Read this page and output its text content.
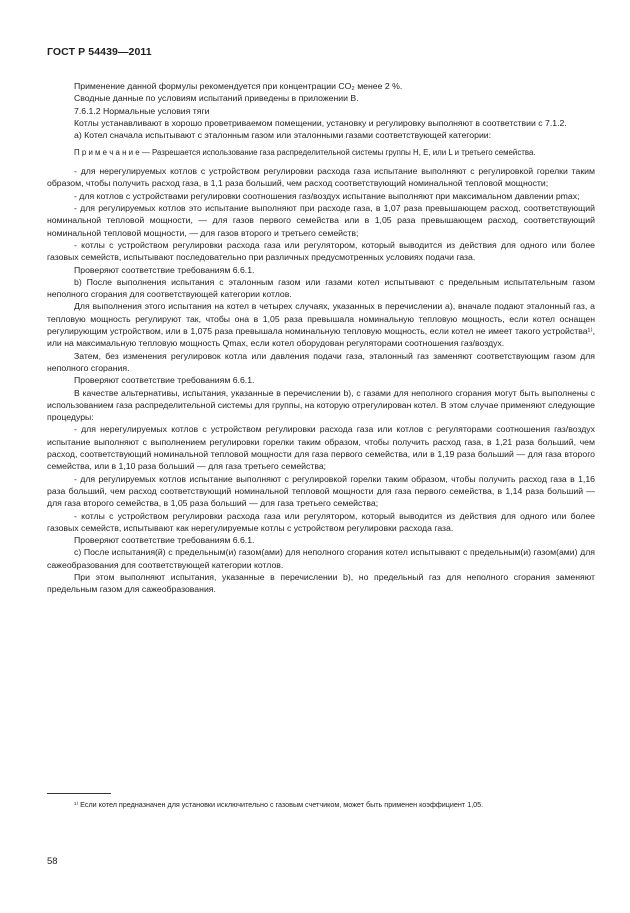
ГОСТ Р 54439—2011

Применение данной формулы рекомендуется при концентрации CO₂ менее 2 %.

Сводные данные по условиям испытаний приведены в приложении B.

7.6.1.2 Нормальные условия тяги

Котлы устанавливают в хорошо проветриваемом помещении, установку и регулировку выполняют в соответствии с 7.1.2.

а) Котел сначала испытывают с эталонным газом или эталонными газами соответствующей категории:

П р и м е ч а н и е — Разрешается использование газа распределительной системы группы H, E, или L и третьего семейства.

- для нерегулируемых котлов с устройством регулировки расхода газа испытание выполняют с регулировкой горелки таким образом, чтобы получить расход газа, в 1,1 раза больший, чем расход соответствующий номинальной тепловой мощности;

- для котлов с устройствами регулировки соотношения газ/воздух испытание выполняют при максимальном давлении pmax;

- для регулируемых котлов это испытание выполняют при расходе газа, в 1,07 раза превышающем расход, соответствующий номинальной тепловой мощности, — для газов первого семейства или в 1,05 раза превышающем расход, соответствующий номинальной тепловой мощности, — для газов второго и третьего семейств;

- котлы с устройством регулировки расхода газа или регулятором, который выводится из действия для одного или более газовых семейств, испытывают последовательно при различных предусмотренных условиях подачи газа.

Проверяют соответствие требованиям 6.6.1.

b) После выполнения испытания с эталонным газом или газами котел испытывают с предельным испытательным газом неполного сгорания для соответствующей категории котлов.

Для выполнения этого испытания на котел в четырех случаях, указанных в перечислении а), вначале подают эталонный газ, а тепловую мощность регулируют так, чтобы она в 1,05 раза превышала номинальную тепловую мощность, если котел оснащен регулирующим устройством, или в 1,075 раза превышала номинальную тепловую мощность, если котел не имеет такого устройства¹⁾, или на максимальную тепловую мощность Qmax, если котел оборудован регуляторами соотношения газ/воздух.

Затем, без изменения регулировок котла или давления подачи газа, эталонный газ заменяют соответствующим газом для неполного сгорания.

Проверяют соответствие требованиям 6.6.1.

В качестве альтернативы, испытания, указанные в перечислении b), с газами для неполного сгорания могут быть выполнены с использованием газа распределительной системы для группы, на которую отрегулирован котел. В этом случае применяют следующие процедуры:

- для нерегулируемых котлов с устройством регулировки расхода газа или котлов с регуляторами соотношения газ/воздух испытание выполняют с выполнением регулировки горелки таким образом, чтобы получить расход газа, в 1,21 раза больший, чем расход, соответствующий номинальной тепловой мощности для газа первого семейства, или в 1,19 раза больший — для газа второго семейства, или в 1,10 раза больший — для газа третьего семейства;

- для регулируемых котлов испытание выполняют с регулировкой горелки таким образом, чтобы получить расход газа в 1,16 раза больший, чем расход соответствующий номинальной тепловой мощности для газа первого семейства, в 1,14 раза больший — для газа второго семейства, в 1,05 раза больший — для газа третьего семейства;

- котлы с устройством регулировки расхода газа или регулятором, который выводится из действия для одного или более газовых семейств, испытывают как нерегулируемые котлы с устройством регулировки расхода газа.

Проверяют соответствие требованиям 6.6.1.

с) После испытания(й) с предельным(и) газом(ами) для неполного сгорания котел испытывают с предельным(и) газом(ами) для сажеобразования для соответствующей категории котлов.

При этом выполняют испытания, указанные в перечислении b), но предельный газ для неполного сгорания заменяют предельным газом для сажеобразования.

¹⁾ Если котел предназначен для установки исключительно с газовым счетчиком, может быть применен коэффициент 1,05.
58
